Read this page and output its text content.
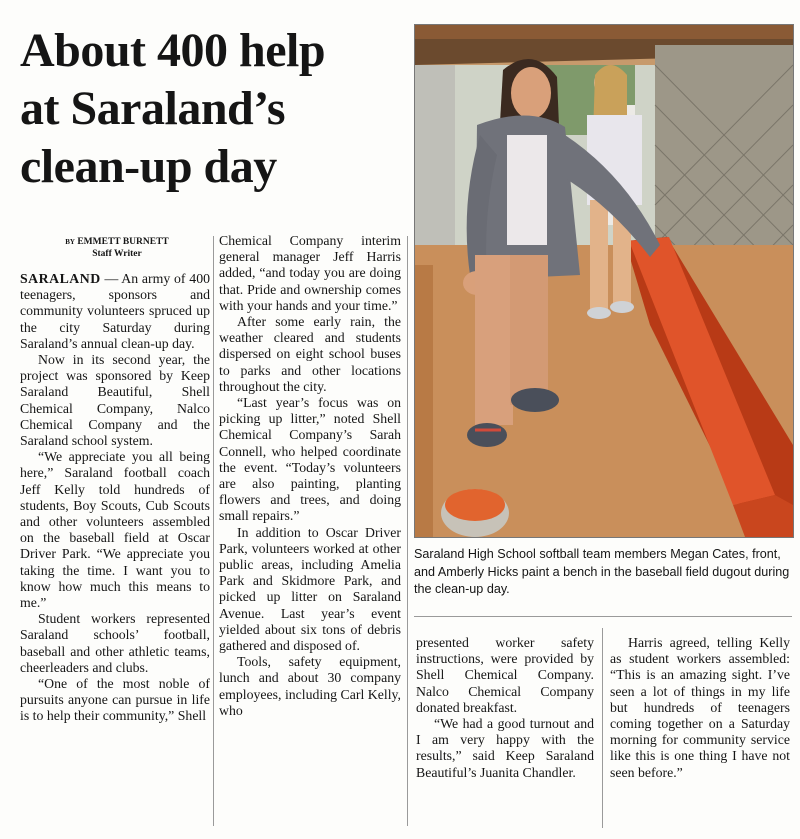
About 400 help
at Saraland’s
clean-up day
BY EMMETT BURNETT
Staff Writer

SARALAND — An army of 400 teenagers, sponsors and community volunteers spruced up the city Saturday during Saraland’s annual clean-up day.

Now in its second year, the project was sponsored by Keep Saraland Beautiful, Shell Chemical Company, Nalco Chemical Company and the Saraland school system.

“We appreciate you all being here,” Saraland football coach Jeff Kelly told hundreds of students, Boy Scouts, Cub Scouts and other volunteers assembled on the baseball field at Oscar Driver Park. “We appreciate you taking the time. I want you to know how much this means to me.”

Student workers represented Saraland schools’ football, baseball and other athletic teams, cheerleaders and clubs.

“One of the most noble of pursuits anyone can pursue in life is to help their community,” Shell

Chemical Company interim general manager Jeff Harris added, “and today you are doing that. Pride and ownership comes with your hands and your time.”

After some early rain, the weather cleared and students dispersed on eight school buses to parks and other locations throughout the city.

“Last year’s focus was on picking up litter,” noted Shell Chemical Company’s Sarah Connell, who helped coordinate the event. “Today’s volunteers are also painting, planting flowers and trees, and doing small repairs.”

In addition to Oscar Driver Park, volunteers worked at other public areas, including Amelia Park and Skidmore Park, and picked up litter on Saraland Avenue. Last year’s event yielded about six tons of debris gathered and disposed of.

Tools, safety equipment, lunch and about 30 company employees, including Carl Kelly, who

Saraland High School softball team members Megan Cates, front, and Amberly Hicks paint a bench in the baseball field dugout during the clean-up day.

presented worker safety instructions, were provided by Shell Chemical Company. Nalco Chemical Company donated breakfast.

“We had a good turnout and I am very happy with the results,” said Keep Saraland Beautiful’s Juanita Chandler.

Harris agreed, telling Kelly as student workers assembled: “This is an amazing sight. I’ve seen a lot of things in my life but hundreds of teenagers coming together on a Saturday morning for community service like this is one thing I have not seen before.”
